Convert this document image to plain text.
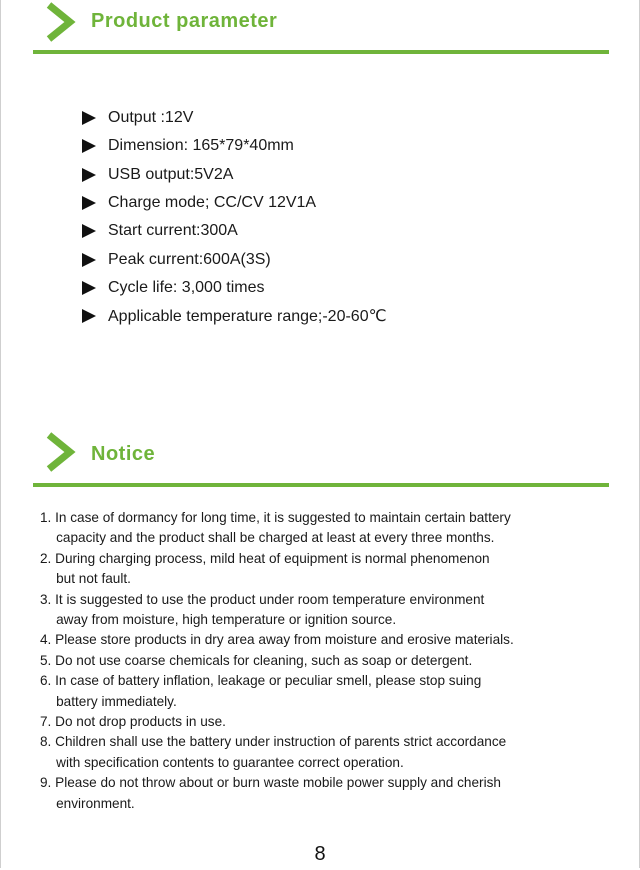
Product parameter
Output :12V
Dimension: 165*79*40mm
USB output:5V2A
Charge mode; CC/CV 12V1A
Start current:300A
Peak current:600A(3S)
Cycle life: 3,000 times
Applicable temperature range;-20-60℃
Notice
1. In case of dormancy for long time, it is suggested to maintain certain battery
capacity and the product shall be charged at least at every three months.
2. During charging process, mild heat of equipment is normal phenomenon
but not fault.
3. It is suggested to use the product under room temperature environment
away from moisture, high temperature or ignition source.
4. Please store products in dry area away from moisture and erosive materials.
5. Do not use coarse chemicals for cleaning, such as soap or detergent.
6. In case of battery inflation, leakage or peculiar smell, please stop suing
battery immediately.
7. Do not drop products in use.
8. Children shall use the battery under instruction of parents strict accordance
with specification contents to guarantee correct operation.
9. Please do not throw about or burn waste mobile power supply and cherish
environment.
8
